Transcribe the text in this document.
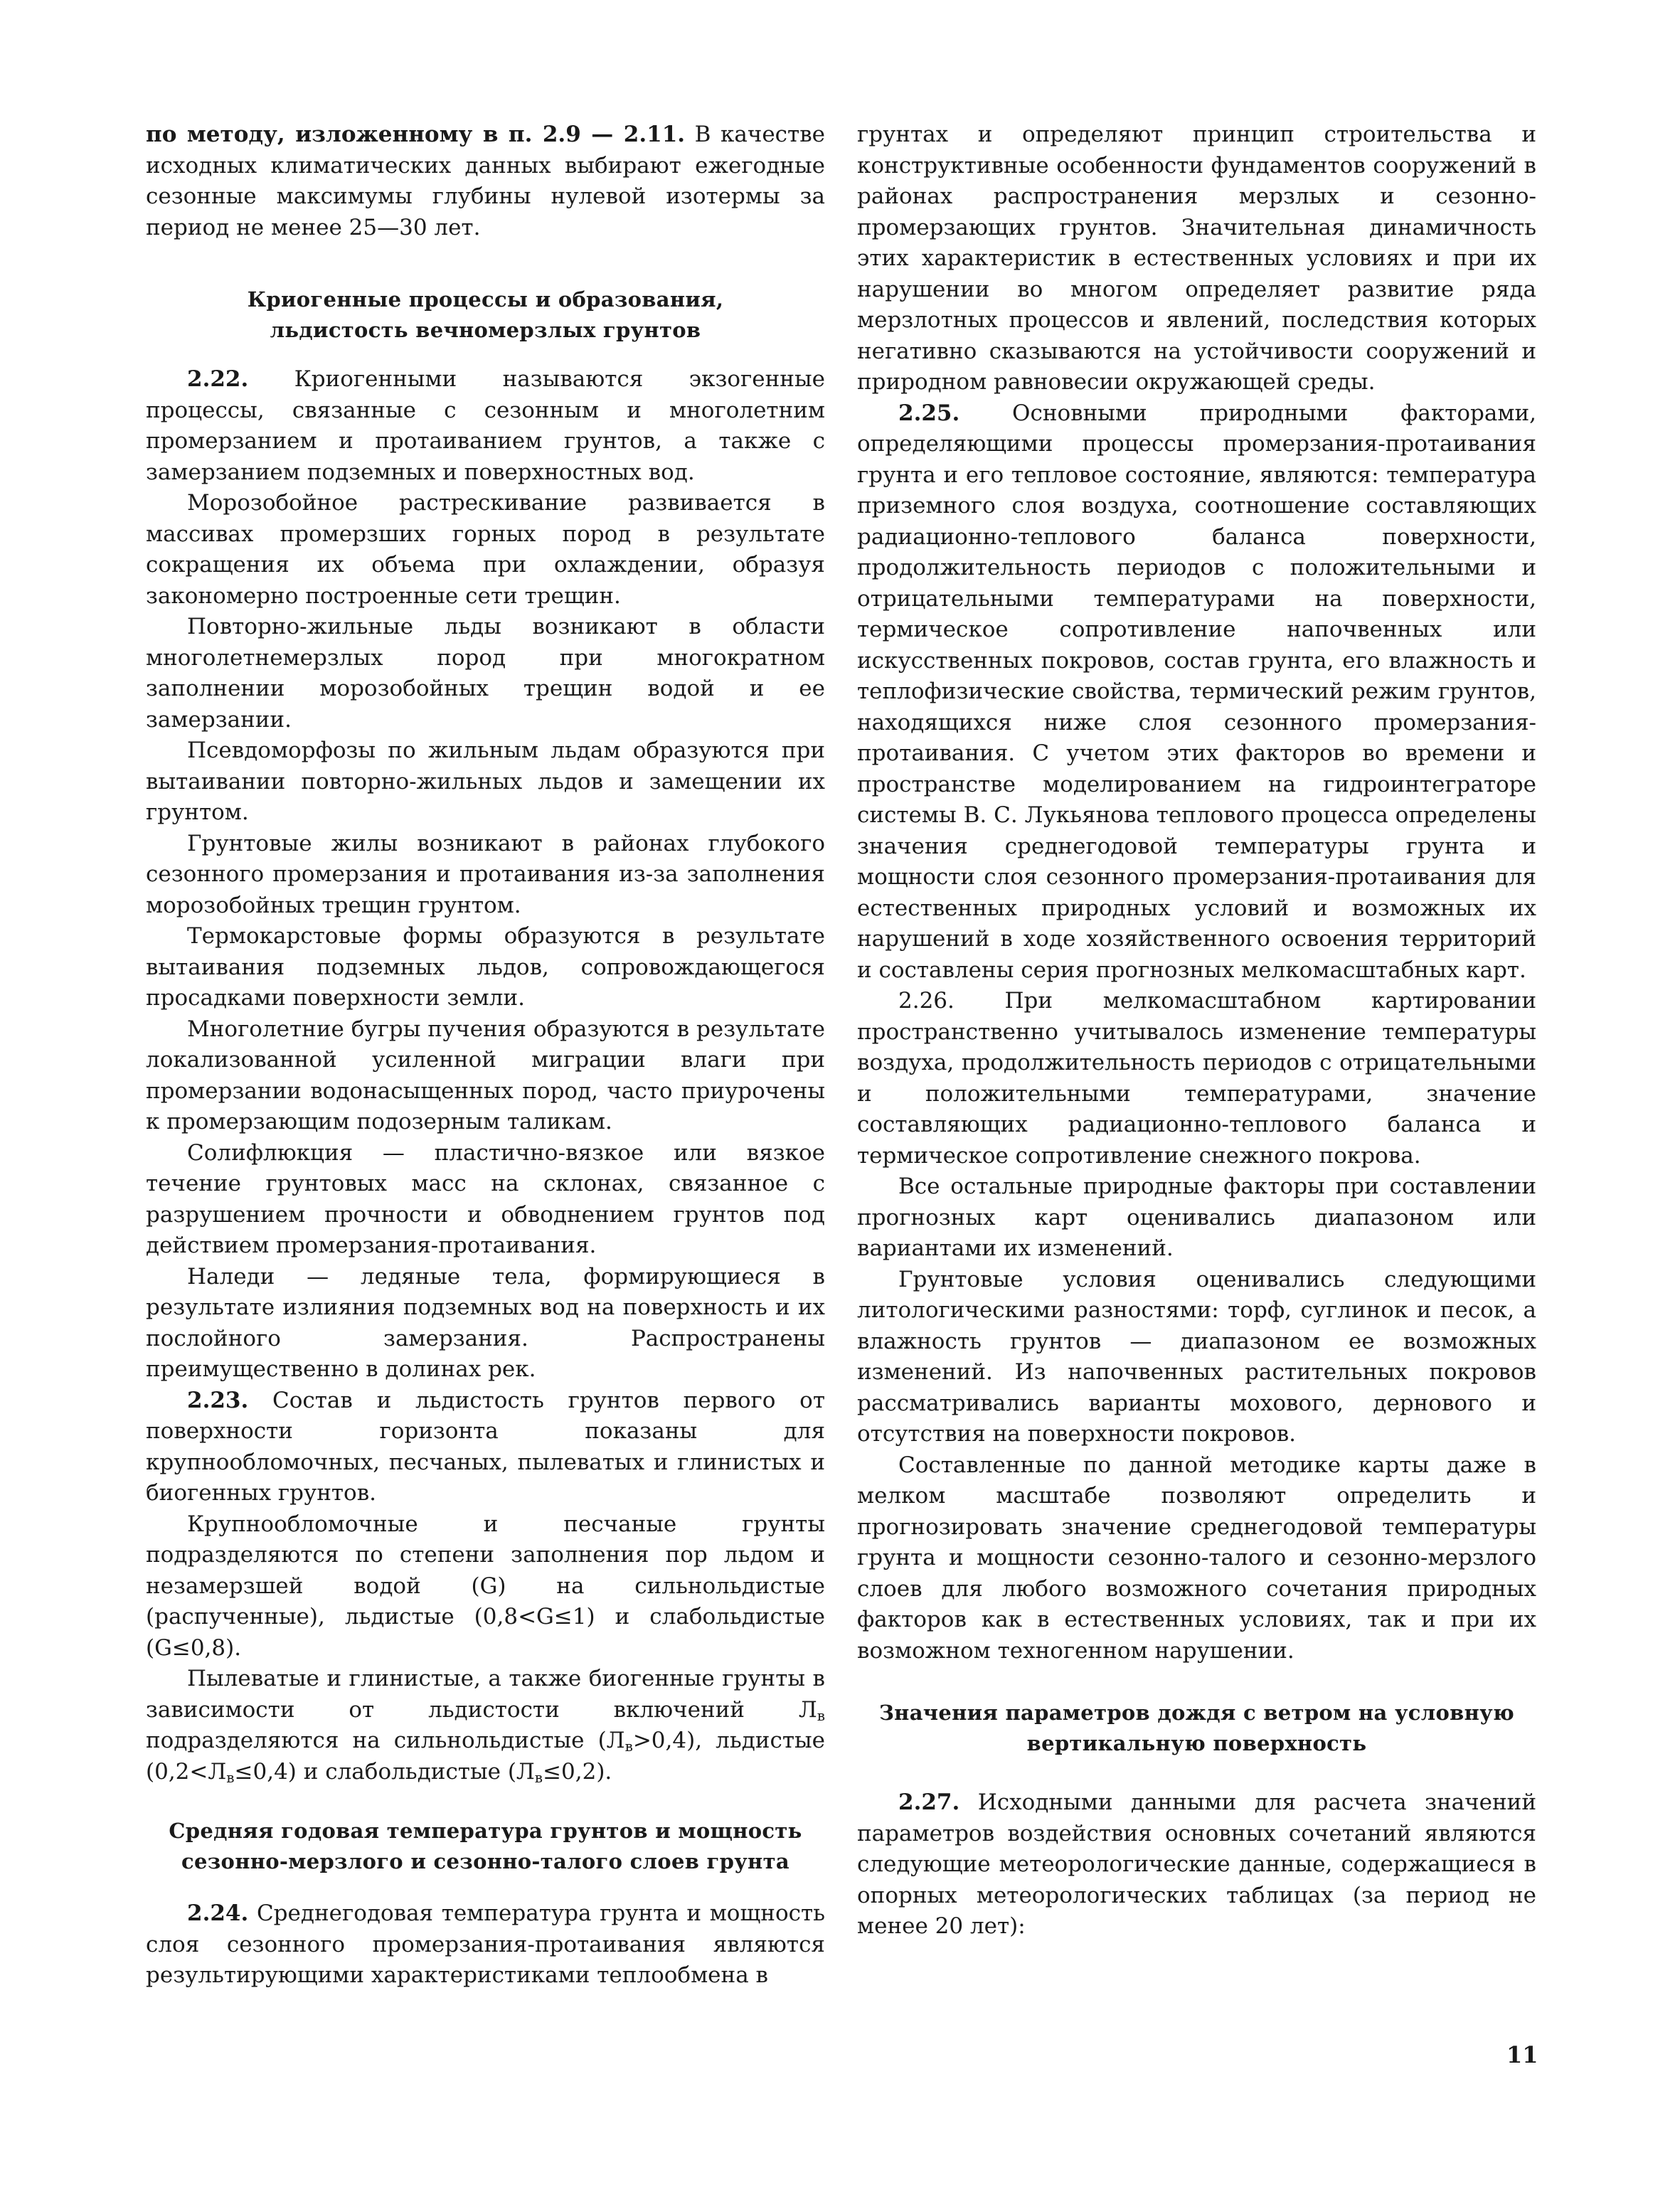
по методу, изложенному в п. 2.9 — 2.11. В качестве исходных климатических данных выбирают ежегодные сезонные максимумы глубины нулевой изотермы за период не менее 25—30 лет.

Криогенные процессы и образования,
льдистость вечномерзлых грунтов

2.22. Криогенными называются экзогенные процессы, связанные с сезонным и многолетним промерзанием и протаиванием грунтов, а также с замерзанием подземных и поверхностных вод.

Морозобойное растрескивание развивается в массивах промерзших горных пород в результате сокращения их объема при охлаждении, образуя закономерно построенные сети трещин.

Повторно-жильные льды возникают в области многолетнемерзлых пород при многократном заполнении морозобойных трещин водой и ее замерзании.

Псевдоморфозы по жильным льдам образуются при вытаивании повторно-жильных льдов и замещении их грунтом.

Грунтовые жилы возникают в районах глубокого сезонного промерзания и протаивания из-за заполнения морозобойных трещин грунтом.

Термокарстовые формы образуются в результате вытаивания подземных льдов, сопровождающегося просадками поверхности земли.

Многолетние бугры пучения образуются в результате локализованной усиленной миграции влаги при промерзании водонасыщенных пород, часто приурочены к промерзающим подозерным таликам.

Солифлюкция — пластично-вязкое или вязкое течение грунтовых масс на склонах, связанное с разрушением прочности и обводнением грунтов под действием промерзания-протаивания.

Наледи — ледяные тела, формирующиеся в результате излияния подземных вод на поверхность и их послойного замерзания. Распространены преимущественно в долинах рек.

2.23. Состав и льдистость грунтов первого от поверхности горизонта показаны для крупнообломочных, песчаных, пылеватых и глинистых и биогенных грунтов.

Крупнообломочные и песчаные грунты подразделяются по степени заполнения пор льдом и незамерзшей водой (G) на сильнольдистые (распученные), льдистые (0,8<G≤1) и слабольдистые (G≤0,8).

Пылеватые и глинистые, а также биогенные грунты в зависимости от льдистости включений $Л_в$ подразделяются на сильнольдистые $(Л_в>0,4)$, льдистые $(0,2<Л_в\le 0,4)$ и слабольдистые $(Л_в\le 0,2)$.

Средняя годовая температура грунтов и мощность
сезонно-мерзлого и сезонно-талого слоев грунта

2.24. Среднегодовая температура грунта и мощность слоя сезонного промерзания-протаивания являются результирующими характеристиками теплообмена в

грунтах и определяют принцип строительства и конструктивные особенности фундаментов сооружений в районах распространения мерзлых и сезонно-промерзающих грунтов. Значительная динамичность этих характеристик в естественных условиях и при их нарушении во многом определяет развитие ряда мерзлотных процессов и явлений, последствия которых негативно сказываются на устойчивости сооружений и природном равновесии окружающей среды.

2.25. Основными природными факторами, определяющими процессы промерзания-протаивания грунта и его тепловое состояние, являются: температура приземного слоя воздуха, соотношение составляющих радиационно-теплового баланса поверхности, продолжительность периодов с положительными и отрицательными температурами на поверхности, термическое сопротивление напочвенных или искусственных покровов, состав грунта, его влажность и теплофизические свойства, термический режим грунтов, находящихся ниже слоя сезонного промерзания-протаивания. С учетом этих факторов во времени и пространстве моделированием на гидроинтеграторе системы В. С. Лукьянова теплового процесса определены значения среднегодовой температуры грунта и мощности слоя сезонного промерзания-протаивания для естественных природных условий и возможных их нарушений в ходе хозяйственного освоения территорий и составлены серия прогнозных мелкомасштабных карт.

2.26. При мелкомасштабном картировании пространственно учитывалось изменение температуры воздуха, продолжительность периодов с отрицательными и положительными температурами, значение составляющих радиационно-теплового баланса и термическое сопротивление снежного покрова.

Все остальные природные факторы при составлении прогнозных карт оценивались диапазоном или вариантами их изменений.

Грунтовые условия оценивались следующими литологическими разностями: торф, суглинок и песок, а влажность грунтов — диапазоном ее возможных изменений. Из напочвенных растительных покровов рассматривались варианты мохового, дернового и отсутствия на поверхности покровов.

Составленные по данной методике карты даже в мелком масштабе позволяют определить и прогнозировать значение среднегодовой температуры грунта и мощности сезонно-талого и сезонно-мерзлого слоев для любого возможного сочетания природных факторов как в естественных условиях, так и при их возможном техногенном нарушении.

Значения параметров дождя с ветром на условную
вертикальную поверхность

2.27. Исходными данными для расчета значений параметров воздействия основных сочетаний являются следующие метеорологические данные, содержащиеся в опорных метеорологических таблицах (за период не менее 20 лет):

11
